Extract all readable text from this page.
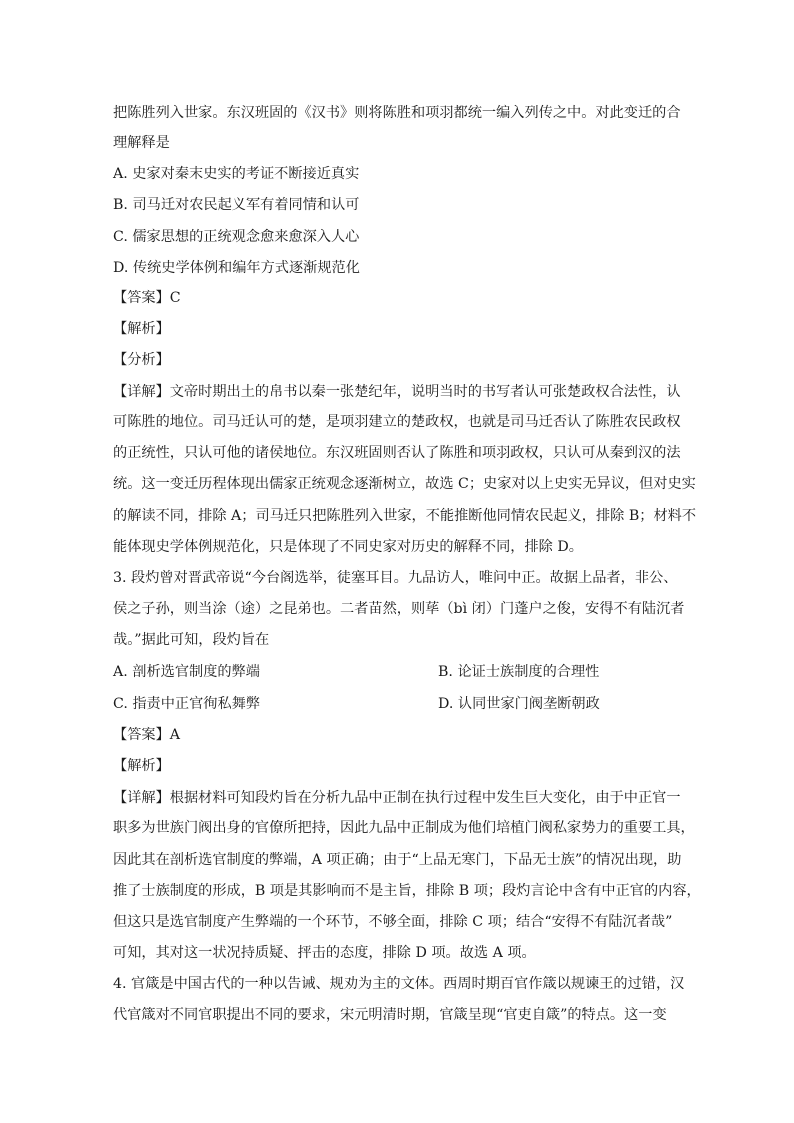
把陈胜列入世家。东汉班固的《汉书》则将陈胜和项羽都统一编入列传之中。对此变迁的合
理解释是
A. 史家对秦末史实的考证不断接近真实
B. 司马迁对农民起义军有着同情和认可
C. 儒家思想的正统观念愈来愈深入人心
D. 传统史学体例和编年方式逐渐规范化
【答案】C
【解析】
【分析】
【详解】文帝时期出土的帛书以秦一张楚纪年，说明当时的书写者认可张楚政权合法性，认
可陈胜的地位。司马迁认可的楚，是项羽建立的楚政权，也就是司马迁否认了陈胜农民政权
的正统性，只认可他的诸侯地位。东汉班固则否认了陈胜和项羽政权，只认可从秦到汉的法
统。这一变迁历程体现出儒家正统观念逐渐树立，故选 C；史家对以上史实无异议，但对史实
的解读不同，排除 A；司马迁只把陈胜列入世家，不能推断他同情农民起义，排除 B；材料不
能体现史学体例规范化，只是体现了不同史家对历史的解释不同，排除 D。
3. 段灼曾对晋武帝说“今台阁选举，徒塞耳目。九品访人，唯问中正。故据上品者，非公、
侯之子孙，则当涂（途）之昆弟也。二者苗然，则荜（bì 闭）门蓬户之俊，安得不有陆沉者
哉。”据此可知，段灼旨在
A. 剖析选官制度的弊端	B. 论证士族制度的合理性
C. 指责中正官徇私舞弊	D. 认同世家门阀垄断朝政
【答案】A
【解析】
【详解】根据材料可知段灼旨在分析九品中正制在执行过程中发生巨大变化，由于中正官一
职多为世族门阀出身的官僚所把持，因此九品中正制成为他们培植门阀私家势力的重要工具，
因此其在剖析选官制度的弊端，A 项正确；由于“上品无寒门，下品无士族”的情况出现，助
推了士族制度的形成，B 项是其影响而不是主旨，排除 B 项；段灼言论中含有中正官的内容，
但这只是选官制度产生弊端的一个环节，不够全面，排除 C 项；结合“安得不有陆沉者哉”
可知，其对这一状况持质疑、抨击的态度，排除 D 项。故选 A 项。
4. 官箴是中国古代的一种以告诫、规劝为主的文体。西周时期百官作箴以规谏王的过错，汉
代官箴对不同官职提出不同的要求，宋元明清时期，官箴呈现“官吏自箴”的特点。这一变
